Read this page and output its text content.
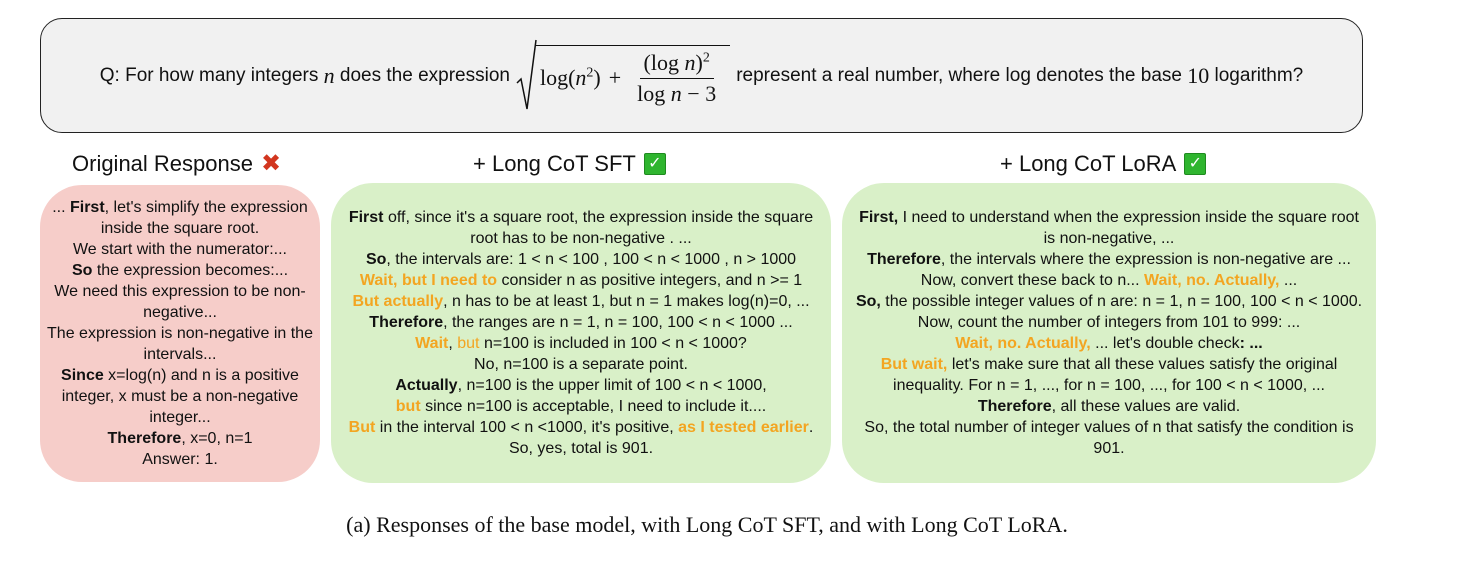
Q: For how many integers
n
does the expression $\log(n^2) + \frac{(\log n)^2}{\text{log n − 3}}$ represent a real number, where log denotes the base
10
logarithm?
Original Response ✖	+ Long CoT SFT ✓	+ Long CoT LoRA ✓

... First, let's simplify the expression inside the square root.

We start with the numerator:...

So the expression becomes:...

We need this expression to be non-negative...

The expression is non-negative in the intervals...

Since x=log(n) and n is a positive integer, x must be a non-negative integer...

Therefore, x=0, n=1

Answer: 1.

First off, since it's a square root, the expression inside the square root has to be non-negative . ...

So, the intervals are: 1 < n < 100 , 100 < n < 1000 , n > 1000

Wait, but I need to consider n as positive integers, and n >= 1

But actually, n has to be at least 1, but n = 1 makes log(n)=0, ...

Therefore, the ranges are n = 1, n = 100, 100 < n < 1000 ...

Wait, but n=100 is included in 100 < n < 1000?

No, n=100 is a separate point.

Actually, n=100 is the upper limit of 100 < n < 1000,

but since n=100 is acceptable, I need to include it....

But in the interval 100 < n <1000, it's positive, as I tested earlier.

So, yes, total is 901.

First, I need to understand when the expression inside the square root is non-negative, ...

Therefore, the intervals where the expression is non-negative are ...

Now, convert these back to n... Wait, no. Actually, ...

So, the possible integer values of n are: n = 1, n = 100, 100 < n < 1000. Now, count the number of integers from 101 to 999: ...

Wait, no. Actually, ... let's double check: ...

But wait, let's make sure that all these values satisfy the original inequality. For n = 1, ..., for n = 100, ..., for 100 < n < 1000, ...

Therefore, all these values are valid.

So, the total number of integer values of n that satisfy the condition is 901.

(a) Responses of the base model, with Long CoT SFT, and with Long CoT LoRA.
